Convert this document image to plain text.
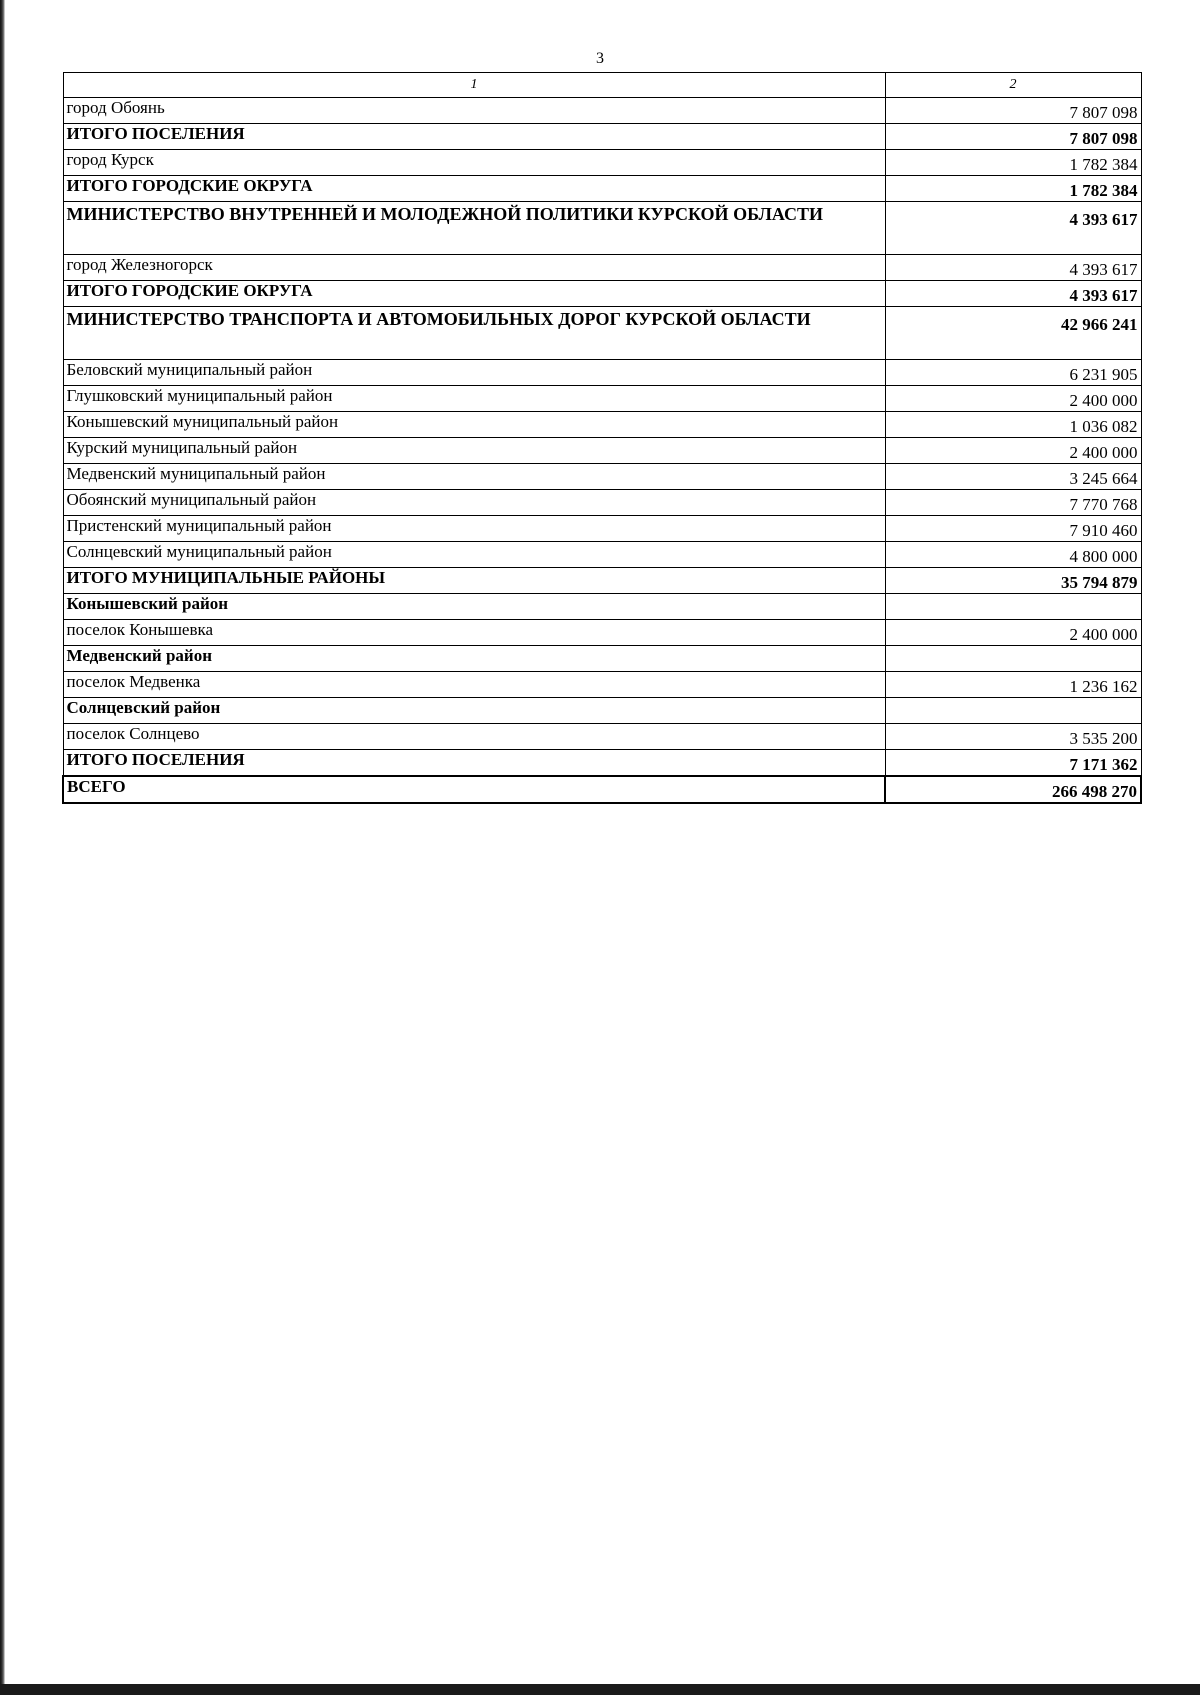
3
1	2
город Обоянь	7 807 098
ИТОГО ПОСЕЛЕНИЯ	7 807 098
город Курск	1 782 384
ИТОГО ГОРОДСКИЕ ОКРУГА	1 782 384
МИНИСТЕРСТВО ВНУТРЕННЕЙ И МОЛОДЕЖНОЙ ПОЛИТИКИ КУРСКОЙ ОБЛАСТИ	4 393 617
город Железногорск	4 393 617
ИТОГО ГОРОДСКИЕ ОКРУГА	4 393 617
МИНИСТЕРСТВО ТРАНСПОРТА И АВТОМОБИЛЬНЫХ ДОРОГ КУРСКОЙ ОБЛАСТИ	42 966 241
Беловский муниципальный район	6 231 905
Глушковский муниципальный район	2 400 000
Конышевский муниципальный район	1 036 082
Курский муниципальный район	2 400 000
Медвенский муниципальный район	3 245 664
Обоянский муниципальный район	7 770 768
Пристенский муниципальный район	7 910 460
Солнцевский муниципальный район	4 800 000
ИТОГО МУНИЦИПАЛЬНЫЕ РАЙОНЫ	35 794 879
Конышевский район	
поселок Конышевка	2 400 000
Медвенский район	
поселок Медвенка	1 236 162
Солнцевский район	
поселок Солнцево	3 535 200
ИТОГО ПОСЕЛЕНИЯ	7 171 362
ВСЕГО	266 498 270
